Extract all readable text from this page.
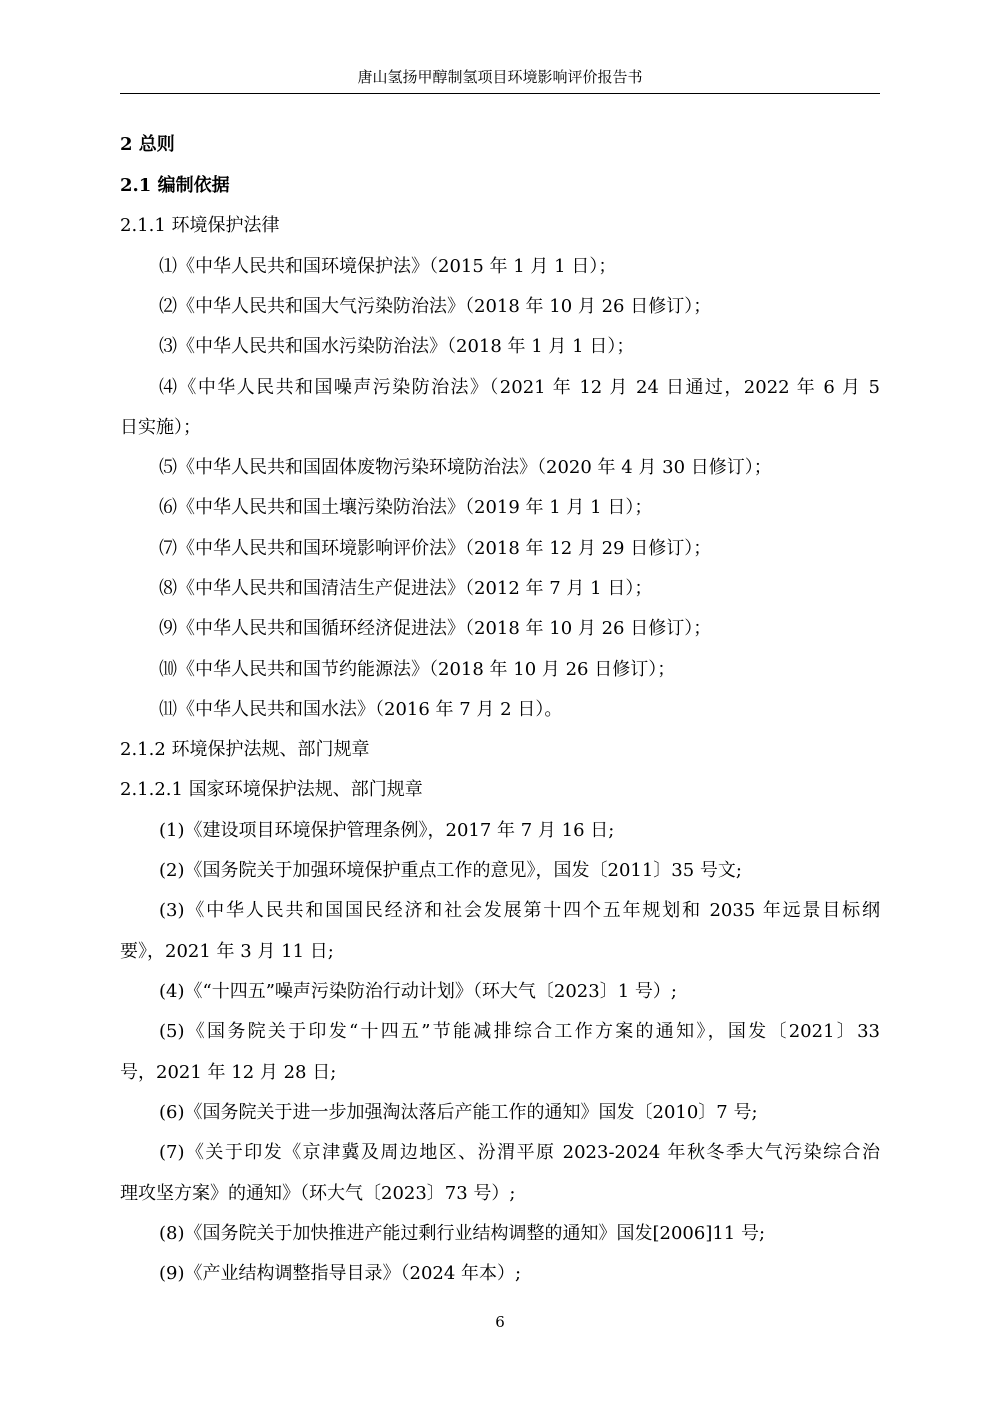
唐山氢扬甲醇制氢项目环境影响评价报告书
2 总则
2.1 编制依据
2.1.1 环境保护法律
⑴《中华人民共和国环境保护法》（2015 年 1 月 1 日）；
⑵《中华人民共和国大气污染防治法》（2018 年 10 月 26 日修订）；
⑶《中华人民共和国水污染防治法》（2018 年 1 月 1 日）；
⑷《中华人民共和国噪声污染防治法》（2021 年 12 月 24 日通过，2022 年 6 月 5
日实施）；
⑸《中华人民共和国固体废物污染环境防治法》（2020 年 4 月 30 日修订）；
⑹《中华人民共和国土壤污染防治法》（2019 年 1 月 1 日）；
⑺《中华人民共和国环境影响评价法》（2018 年 12 月 29 日修订）；
⑻《中华人民共和国清洁生产促进法》（2012 年 7 月 1 日）；
⑼《中华人民共和国循环经济促进法》（2018 年 10 月 26 日修订）；
⑽《中华人民共和国节约能源法》（2018 年 10 月 26 日修订）；
⑾《中华人民共和国水法》（2016 年 7 月 2 日）。
2.1.2 环境保护法规、部门规章
2.1.2.1 国家环境保护法规、部门规章
(1)《建设项目环境保护管理条例》，2017 年 7 月 16 日;
(2)《国务院关于加强环境保护重点工作的意见》，国发〔2011〕35 号文;
(3)《中华人民共和国国民经济和社会发展第十四个五年规划和 2035 年远景目标纲
要》，2021 年 3 月 11 日;
(4)《“十四五”噪声污染防治行动计划》（环大气〔2023〕1 号）;
(5)《国务院关于印发“十四五”节能减排综合工作方案的通知》，国发〔2021〕33
号，2021 年 12 月 28 日;
(6)《国务院关于进一步加强淘汰落后产能工作的通知》国发〔2010〕7 号;
(7)《关于印发《京津冀及周边地区、汾渭平原 2023-2024 年秋冬季大气污染综合治
理攻坚方案》的通知》（环大气〔2023〕73 号）;
(8)《国务院关于加快推进产能过剩行业结构调整的通知》国发[2006]11 号;
(9)《产业结构调整指导目录》（2024 年本）;
6
